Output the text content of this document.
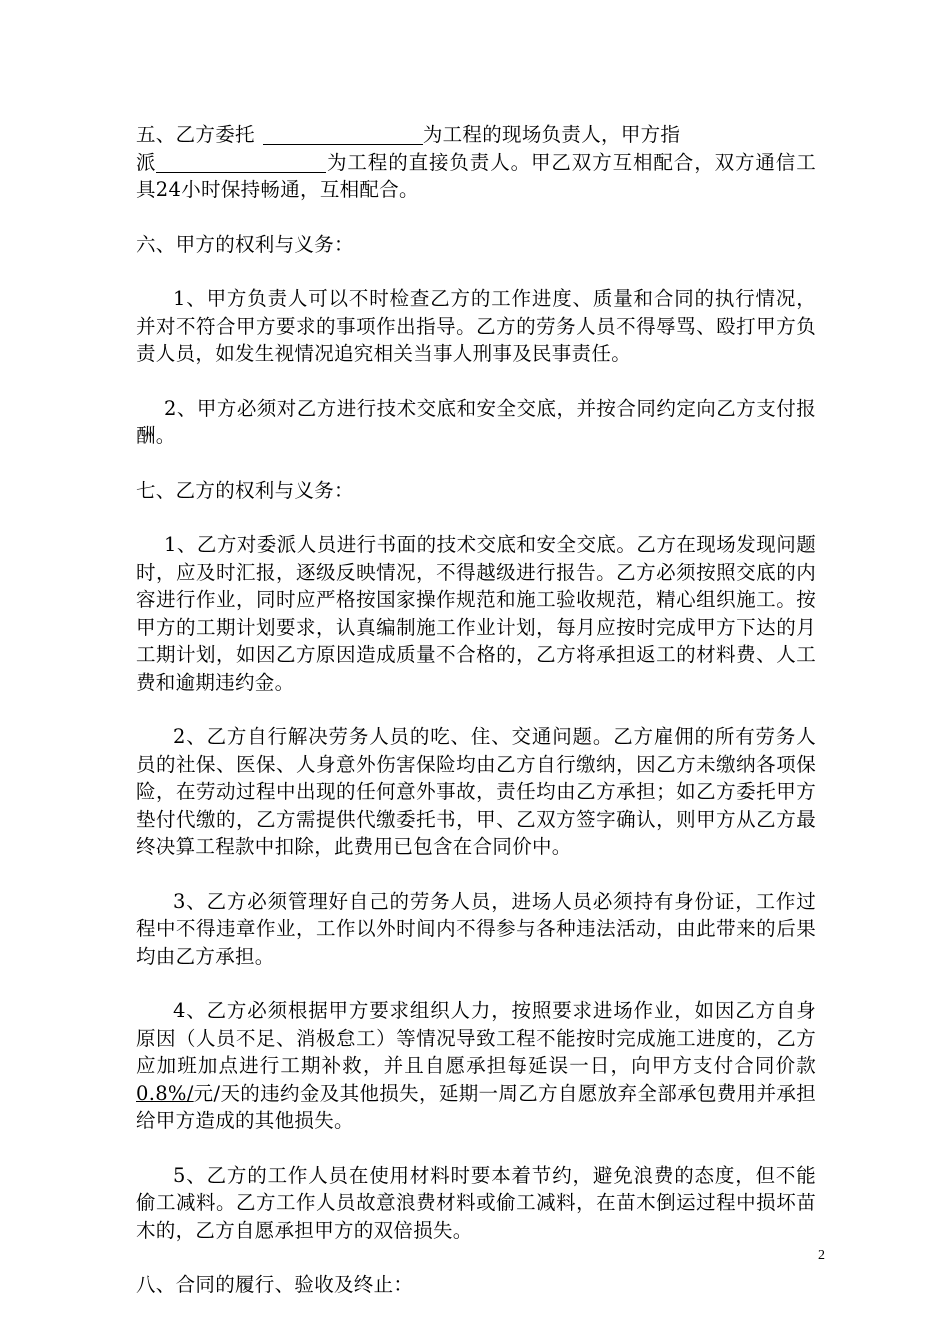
五、乙方委托	为工程的现场负责人，甲方指
派	为工程的直接负责人。甲乙双方互相配合，双方通信工具24小时保持畅通，互相配合。

六、甲方的权利与义务：

1、甲方负责人可以不时检查乙方的工作进度、质量和合同的执行情况，并对不符合甲方要求的事项作出指导。乙方的劳务人员不得辱骂、殴打甲方负责人员，如发生视情况追究相关当事人刑事及民事责任。

2、甲方必须对乙方进行技术交底和安全交底，并按合同约定向乙方支付报酬。

七、乙方的权利与义务：

1、乙方对委派人员进行书面的技术交底和安全交底。乙方在现场发现问题时，应及时汇报，逐级反映情况，不得越级进行报告。乙方必须按照交底的内容进行作业，同时应严格按国家操作规范和施工验收规范，精心组织施工。按甲方的工期计划要求，认真编制施工作业计划，每月应按时完成甲方下达的月工期计划，如因乙方原因造成质量不合格的，乙方将承担返工的材料费、人工费和逾期违约金。

2、乙方自行解决劳务人员的吃、住、交通问题。乙方雇佣的所有劳务人员的社保、医保、人身意外伤害保险均由乙方自行缴纳，因乙方未缴纳各项保险，在劳动过程中出现的任何意外事故，责任均由乙方承担；如乙方委托甲方垫付代缴的，乙方需提供代缴委托书，甲、乙双方签字确认，则甲方从乙方最终决算工程款中扣除，此费用已包含在合同价中。

3、乙方必须管理好自己的劳务人员，进场人员必须持有身份证，工作过程中不得违章作业，工作以外时间内不得参与各种违法活动，由此带来的后果均由乙方承担。

4、乙方必须根据甲方要求组织人力，按照要求进场作业，如因乙方自身原因（人员不足、消极怠工）等情况导致工程不能按时完成施工进度的，乙方应加班加点进行工期补救，并且自愿承担每延误一日，向甲方支付合同价款0.8%/元/天的违约金及其他损失，延期一周乙方自愿放弃全部承包费用并承担给甲方造成的其他损失。

5、乙方的工作人员在使用材料时要本着节约，避免浪费的态度，但不能偷工减料。乙方工作人员故意浪费材料或偷工减料，在苗木倒运过程中损坏苗木的，乙方自愿承担甲方的双倍损失。

八、合同的履行、验收及终止：

2
